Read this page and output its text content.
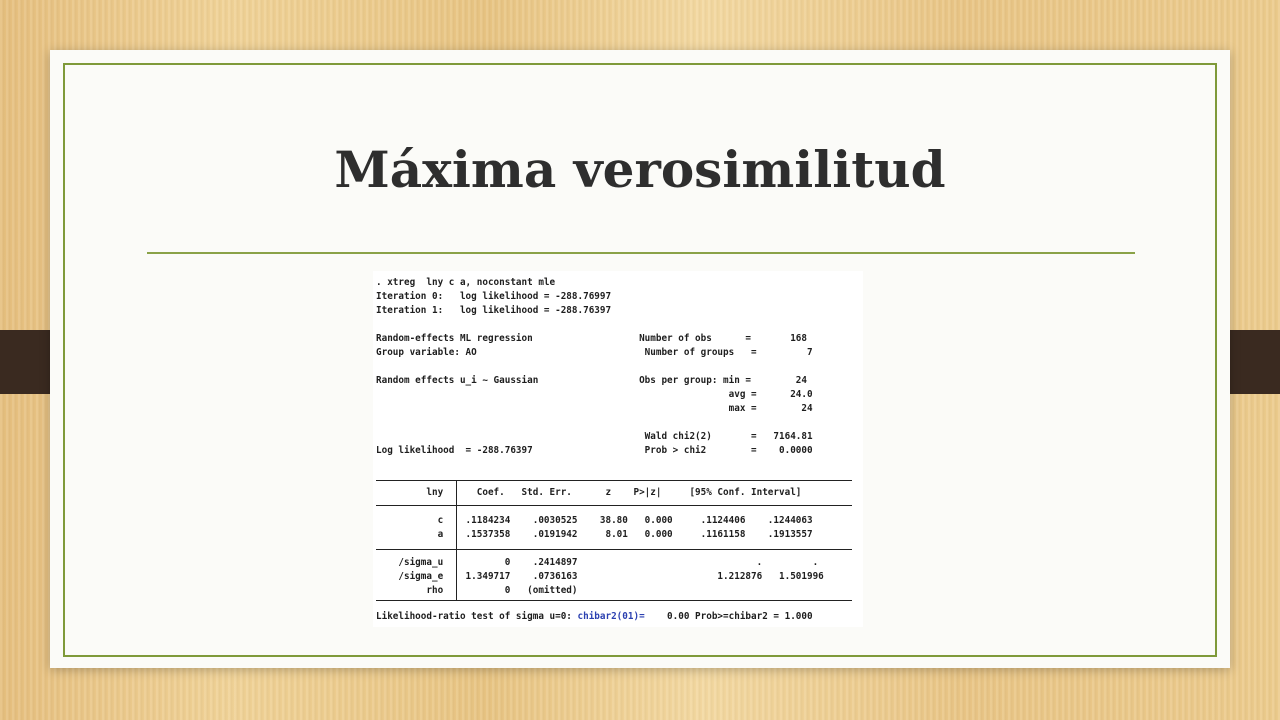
Máxima verosimilitud

. xtreg  lny c a, noconstant mle

Iteration 0:   log likelihood = -288.76997

Iteration 1:   log likelihood = -288.76397

Random-effects ML regression                   Number of obs      =       168

Group variable: AO                              Number of groups   =         7

Random effects u_i ~ Gaussian                  Obs per group: min =        24

avg =      24.0

max =        24

Wald chi2(2)       =   7164.81

Log likelihood  = -288.76397                    Prob > chi2        =    0.0000

lny      Coef.   Std. Err.      z    P>|z|     [95% Conf. Interval]

c    .1184234    .0030525    38.80   0.000     .1124406    .1244063

a    .1537358    .0191942     8.01   0.000     .1161158    .1913557

/sigma_u           0    .2414897                                .         .

/sigma_e    1.349717    .0736163                         1.212876   1.501996

rho           0   (omitted)

Likelihood-ratio test of sigma u=0: chibar2(01)=    0.00 Prob>=chibar2 = 1.000
